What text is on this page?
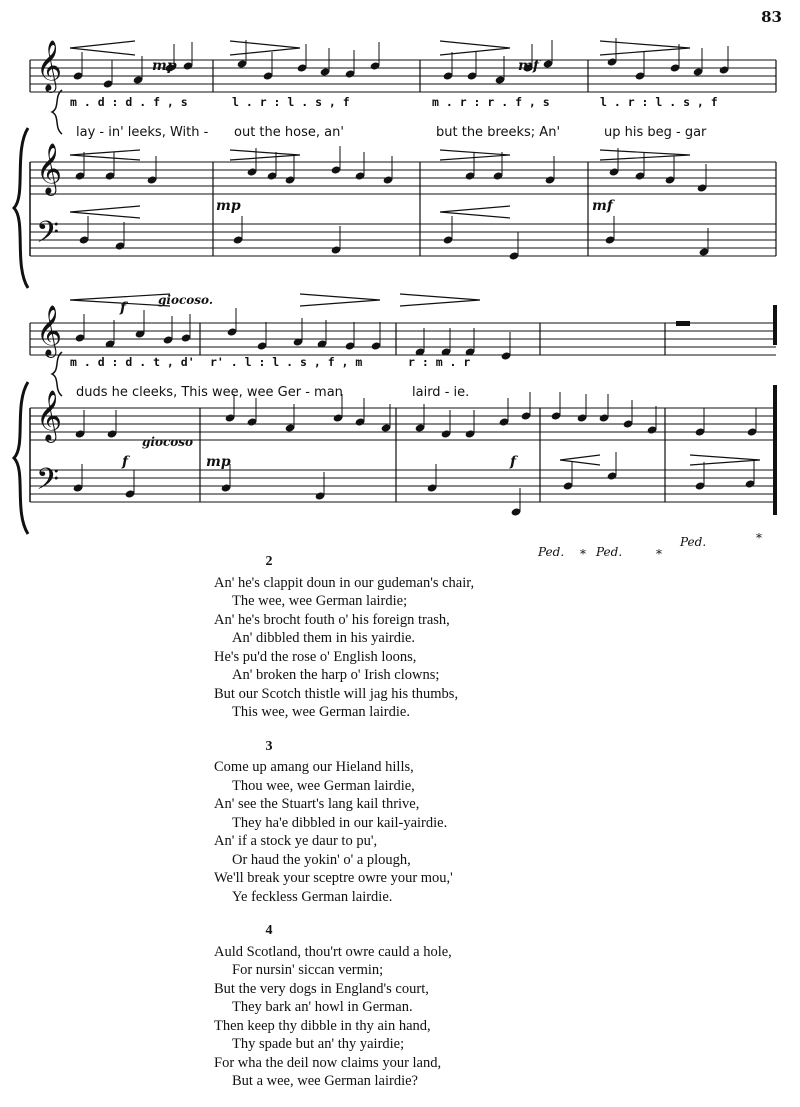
83
𝄞
𝄞
𝄢
𝄞
𝄞
𝄢
mp	mf
mp	mf
m . d : d . f , s	l . r : l . s , f	m . r : r . f , s	l . r : l . s , f
lay - in' leeks, With - out the hose, an'	but the breeks; An'	up his beg - gar
f	giocoso.
giocoso
f	mp	f
m . d : d . t , d' r' . l : l . s , f , m	r : m . r
duds he cleeks, This wee, wee Ger - man	laird - ie.
Ped. * Ped.	*
Ped.	*
2
An' he's clappit doun in our gudeman's chair,
The wee, wee German lairdie;
An' he's brocht fouth o' his foreign trash,
An' dibbled them in his yairdie.
He's pu'd the rose o' English loons,
An' broken the harp o' Irish clowns;
But our Scotch thistle will jag his thumbs,
This wee, wee German lairdie.
3
Come up amang our Hieland hills,
Thou wee, wee German lairdie,
An' see the Stuart's lang kail thrive,
They ha'e dibbled in our kail-yairdie.
An' if a stock ye daur to pu',
Or haud the yokin' o' a plough,
We'll break your sceptre owre your mou,'
Ye feckless German lairdie.
4
Auld Scotland, thou'rt owre cauld a hole,
For nursin' siccan vermin;
But the very dogs in England's court,
They bark an' howl in German.
Then keep thy dibble in thy ain hand,
Thy spade but an' thy yairdie;
For wha the deil now claims your land,
But a wee, wee German lairdie?
